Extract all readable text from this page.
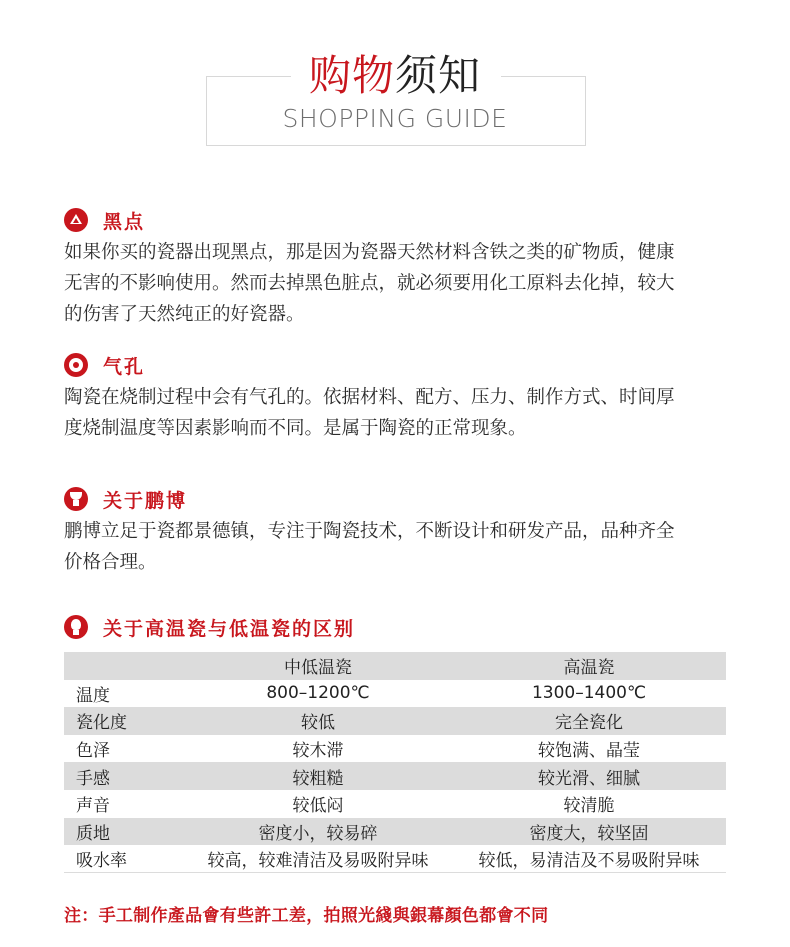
购物须知
SHOPPING GUIDE
黑点
如果你买的瓷器出现黑点，那是因为瓷器天然材料含铁之类的矿物质，健康
无害的不影响使用。然而去掉黑色脏点，就必须要用化工原料去化掉，较大
的伤害了天然纯正的好瓷器。
气孔
陶瓷在烧制过程中会有气孔的。依据材料、配方、压力、制作方式、时间厚
度烧制温度等因素影响而不同。是属于陶瓷的正常现象。
关于鹏博
鹏博立足于瓷都景德镇，专注于陶瓷技术，不断设计和研发产品，品种齐全
价格合理。
关于高温瓷与低温瓷的区别
	中低温瓷	高温瓷
温度	800–1200℃	1300–1400℃
瓷化度	较低	完全瓷化
色泽	较木滞	较饱满、晶莹
手感	较粗糙	较光滑、细腻
声音	较低闷	较清脆
质地	密度小，较易碎	密度大，较坚固
吸水率	较高，较难清洁及易吸附异味	较低，易清洁及不易吸附异味
注：手工制作產品會有些許工差，拍照光綫與銀幕顏色都會不同
